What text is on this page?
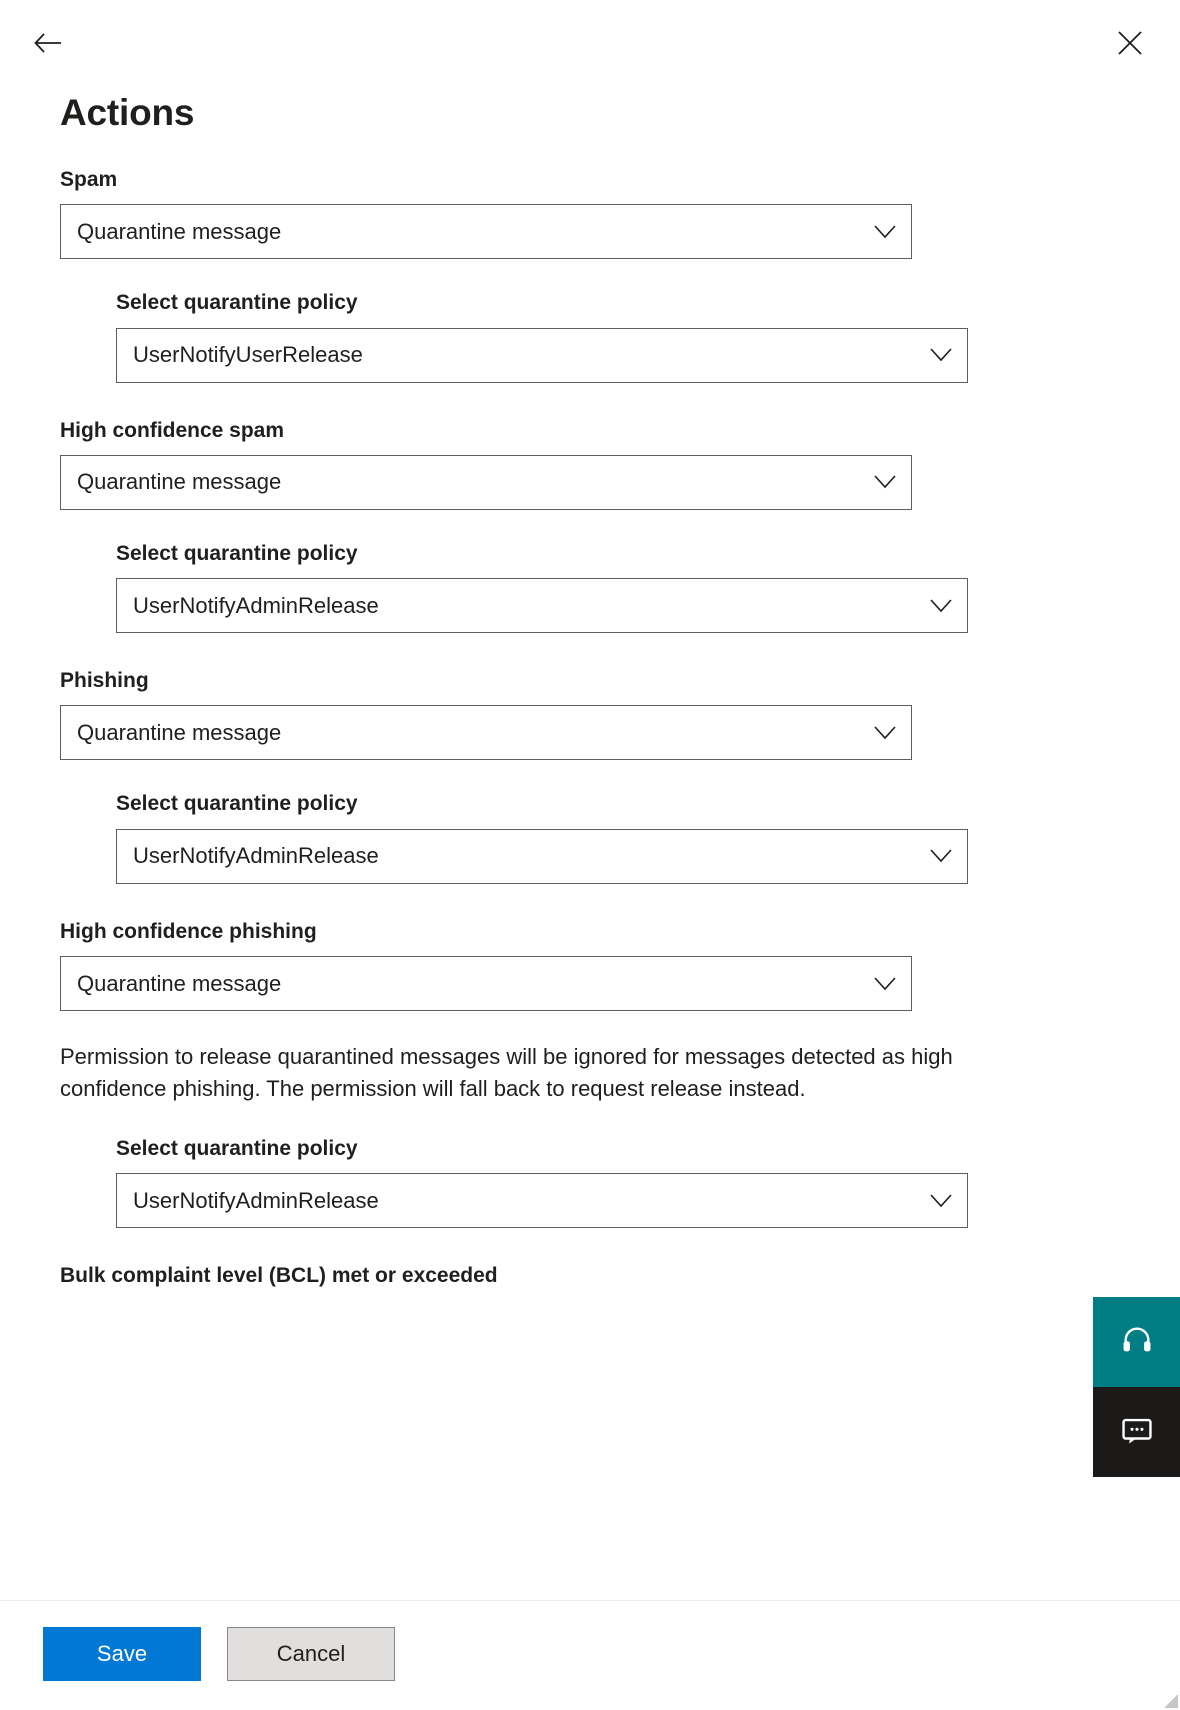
Actions
Spam
Quarantine message
Select quarantine policy
UserNotifyUserRelease
High confidence spam
Quarantine message
Select quarantine policy
UserNotifyAdminRelease
Phishing
Quarantine message
Select quarantine policy
UserNotifyAdminRelease
High confidence phishing
Quarantine message
Permission to release quarantined messages will be ignored for messages detected as high confidence phishing. The permission will fall back to request release instead.
Select quarantine policy
UserNotifyAdminRelease
Bulk complaint level (BCL) met or exceeded
Save	Cancel
